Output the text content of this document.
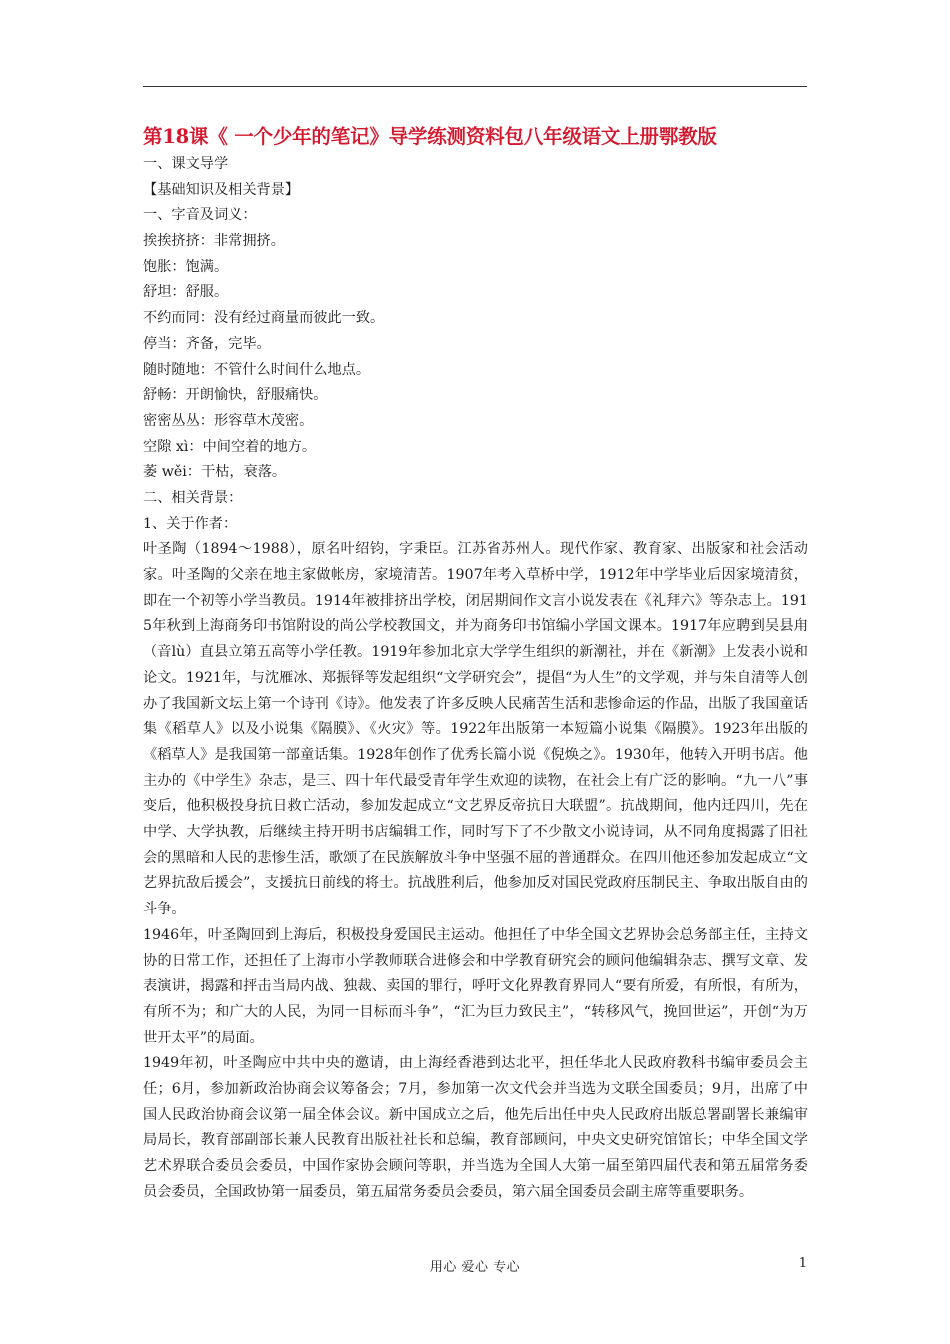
第18课《 一个少年的笔记》导学练测资料包八年级语文上册鄂教版
一、课文导学
【基础知识及相关背景】
一、字音及词义：
挨挨挤挤：非常拥挤。
饱胀：饱满。
舒坦：舒服。
不约而同：没有经过商量而彼此一致。
停当：齐备，完毕。
随时随地：不管什么时间什么地点。
舒畅：开朗愉快，舒服痛快。
密密丛丛：形容草木茂密。
空隙 xì：中间空着的地方。
萎 wěi：干枯，衰落。
二、相关背景：
1、关于作者：
叶圣陶（1894～1988），原名叶绍钧，字秉臣。江苏省苏州人。现代作家、教育家、出版家和社会活动家。叶圣陶的父亲在地主家做帐房，家境清苦。1907年考入草桥中学，1912年中学毕业后因家境清贫，即在一个初等小学当教员。1914年被排挤出学校，闭居期间作文言小说发表在《礼拜六》等杂志上。1915年秋到上海商务印书馆附设的尚公学校教国文，并为商务印书馆编小学国文课本。1917年应聘到吴县甪（音lù）直县立第五高等小学任教。1919年参加北京大学学生组织的新潮社，并在《新潮》上发表小说和论文。1921年，与沈雁冰、郑振铎等发起组织“文学研究会”，提倡“为人生”的文学观，并与朱自清等人创办了我国新文坛上第一个诗刊《诗》。他发表了许多反映人民痛苦生活和悲惨命运的作品，出版了我国童话集《稻草人》以及小说集《隔膜》、《火灾》等。1922年出版第一本短篇小说集《隔膜》。1923年出版的《稻草人》是我国第一部童话集。1928年创作了优秀长篇小说《倪焕之》。1930年，他转入开明书店。他主办的《中学生》杂志，是三、四十年代最受青年学生欢迎的读物，在社会上有广泛的影响。“九一八”事变后，他积极投身抗日救亡活动，参加发起成立“文艺界反帝抗日大联盟”。抗战期间，他内迁四川，先在中学、大学执教，后继续主持开明书店编辑工作，同时写下了不少散文小说诗词，从不同角度揭露了旧社会的黑暗和人民的悲惨生活，歌颂了在民族解放斗争中坚强不屈的普通群众。在四川他还参加发起成立“文艺界抗敌后援会”，支援抗日前线的将士。抗战胜利后，他参加反对国民党政府压制民主、争取出版自由的斗争。
1946年，叶圣陶回到上海后，积极投身爱国民主运动。他担任了中华全国文艺界协会总务部主任，主持文协的日常工作，还担任了上海市小学教师联合进修会和中学教育研究会的顾问他编辑杂志、撰写文章、发表演讲，揭露和抨击当局内战、独裁、卖国的罪行，呼吁文化界教育界同人“要有所爱，有所恨，有所为，有所不为；和广大的人民，为同一目标而斗争”，“汇为巨力致民主”，“转移风气，挽回世运”，开创“为万世开太平”的局面。
1949年初，叶圣陶应中共中央的邀请，由上海经香港到达北平，担任华北人民政府教科书编审委员会主任；6月，参加新政治协商会议筹备会；7月，参加第一次文代会并当选为文联全国委员；9月，出席了中国人民政治协商会议第一届全体会议。新中国成立之后，他先后出任中央人民政府出版总署副署长兼编审局局长，教育部副部长兼人民教育出版社社长和总编，教育部顾问，中央文史研究馆馆长；中华全国文学艺术界联合委员会委员，中国作家协会顾问等职，并当选为全国人大第一届至第四届代表和第五届常务委员会委员，全国政协第一届委员，第五届常务委员会委员，第六届全国委员会副主席等重要职务。
用心 爱心 专心	1
